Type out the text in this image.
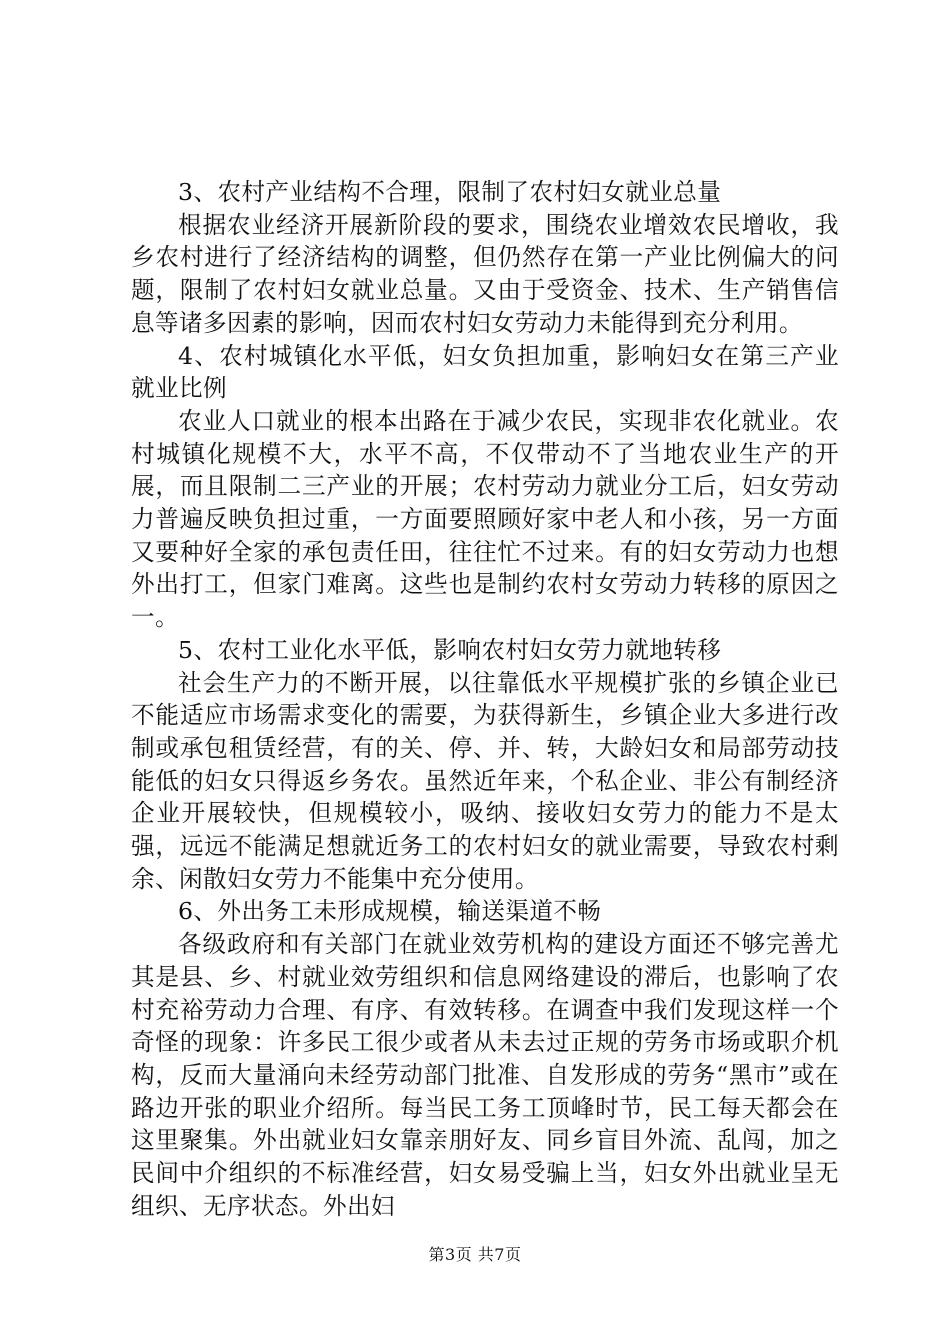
3、农村产业结构不合理，限制了农村妇女就业总量

根据农业经济开展新阶段的要求，围绕农业增效农民增收，我乡农村进行了经济结构的调整，但仍然存在第一产业比例偏大的问题，限制了农村妇女就业总量。又由于受资金、技术、生产销售信息等诸多因素的影响，因而农村妇女劳动力未能得到充分利用。

4、农村城镇化水平低，妇女负担加重，影响妇女在第三产业就业比例

农业人口就业的根本出路在于减少农民，实现非农化就业。农村城镇化规模不大，水平不高，不仅带动不了当地农业生产的开展，而且限制二三产业的开展；农村劳动力就业分工后，妇女劳动力普遍反映负担过重，一方面要照顾好家中老人和小孩，另一方面又要种好全家的承包责任田，往往忙不过来。有的妇女劳动力也想外出打工，但家门难离。这些也是制约农村女劳动力转移的原因之一。

5、农村工业化水平低，影响农村妇女劳力就地转移

社会生产力的不断开展，以往靠低水平规模扩张的乡镇企业已不能适应市场需求变化的需要，为获得新生，乡镇企业大多进行改制或承包租赁经营，有的关、停、并、转，大龄妇女和局部劳动技能低的妇女只得返乡务农。虽然近年来，个私企业、非公有制经济企业开展较快，但规模较小，吸纳、接收妇女劳力的能力不是太强，远远不能满足想就近务工的农村妇女的就业需要，导致农村剩余、闲散妇女劳力不能集中充分使用。

6、外出务工未形成规模，输送渠道不畅

各级政府和有关部门在就业效劳机构的建设方面还不够完善尤其是县、乡、村就业效劳组织和信息网络建设的滞后，也影响了农村充裕劳动力合理、有序、有效转移。在调查中我们发现这样一个奇怪的现象：许多民工很少或者从未去过正规的劳务市场或职介机构，反而大量涌向未经劳动部门批准、自发形成的劳务“黑市”或在路边开张的职业介绍所。每当民工务工顶峰时节，民工每天都会在这里聚集。外出就业妇女靠亲朋好友、同乡盲目外流、乱闯，加之民间中介组织的不标准经营，妇女易受骗上当，妇女外出就业呈无组织、无序状态。外出妇

第3页 共7页
